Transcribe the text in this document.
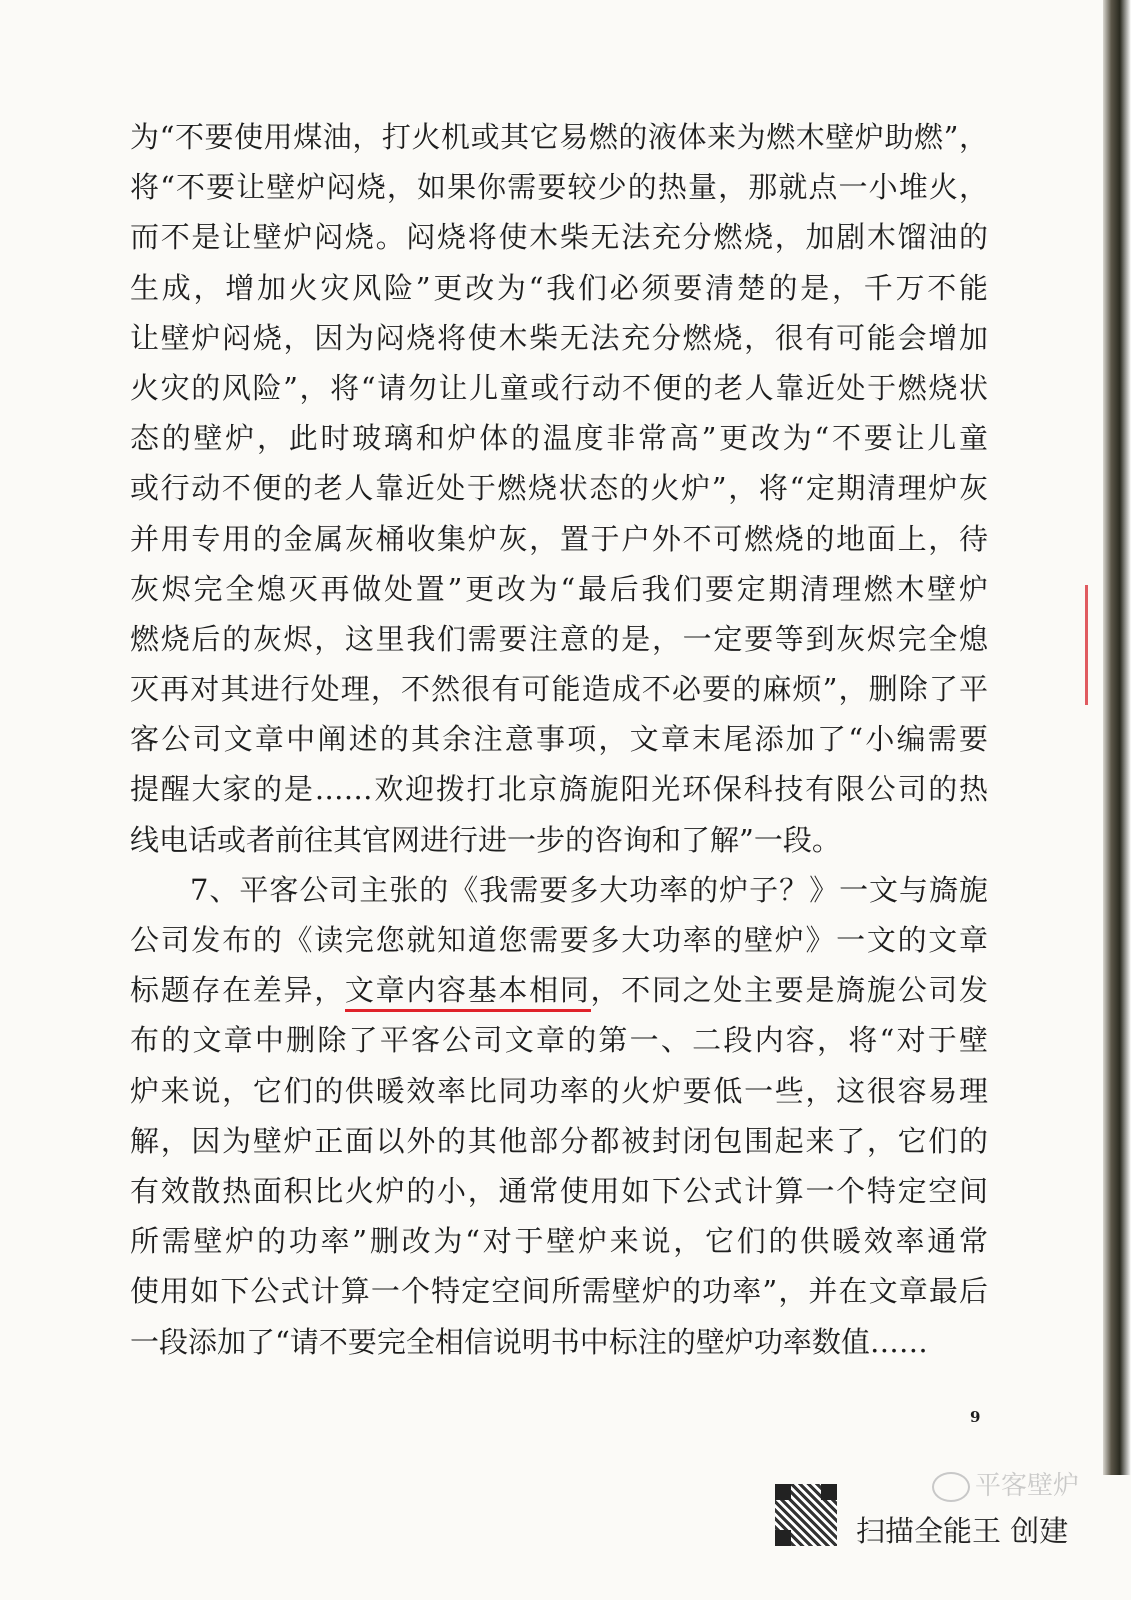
为“不要使用煤油，打火机或其它易燃的液体来为燃木壁炉助燃”，
将“不要让壁炉闷烧，如果你需要较少的热量，那就点一小堆火，
而不是让壁炉闷烧。闷烧将使木柴无法充分燃烧，加剧木馏油的
生成，增加火灾风险”更改为“我们必须要清楚的是，千万不能
让壁炉闷烧，因为闷烧将使木柴无法充分燃烧，很有可能会增加
火灾的风险”，将“请勿让儿童或行动不便的老人靠近处于燃烧状
态的壁炉，此时玻璃和炉体的温度非常高”更改为“不要让儿童
或行动不便的老人靠近处于燃烧状态的火炉”，将“定期清理炉灰
并用专用的金属灰桶收集炉灰，置于户外不可燃烧的地面上，待
灰烬完全熄灭再做处置”更改为“最后我们要定期清理燃木壁炉
燃烧后的灰烬，这里我们需要注意的是，一定要等到灰烬完全熄
灭再对其进行处理，不然很有可能造成不必要的麻烦”，删除了平
客公司文章中阐述的其余注意事项，文章末尾添加了“小编需要
提醒大家的是……欢迎拨打北京旖旎阳光环保科技有限公司的热
线电话或者前往其官网进行进一步的咨询和了解”一段。
　　7、平客公司主张的《我需要多大功率的炉子？》一文与旖旎
公司发布的《读完您就知道您需要多大功率的壁炉》一文的文章
标题存在差异，文章内容基本相同，不同之处主要是旖旎公司发
布的文章中删除了平客公司文章的第一、二段内容，将“对于壁
炉来说，它们的供暖效率比同功率的火炉要低一些，这很容易理
解，因为壁炉正面以外的其他部分都被封闭包围起来了，它们的
有效散热面积比火炉的小，通常使用如下公式计算一个特定空间
所需壁炉的功率”删改为“对于壁炉来说，它们的供暖效率通常
使用如下公式计算一个特定空间所需壁炉的功率”，并在文章最后
一段添加了“请不要完全相信说明书中标注的壁炉功率数值……
9
平客壁炉
扫描全能王 创建
